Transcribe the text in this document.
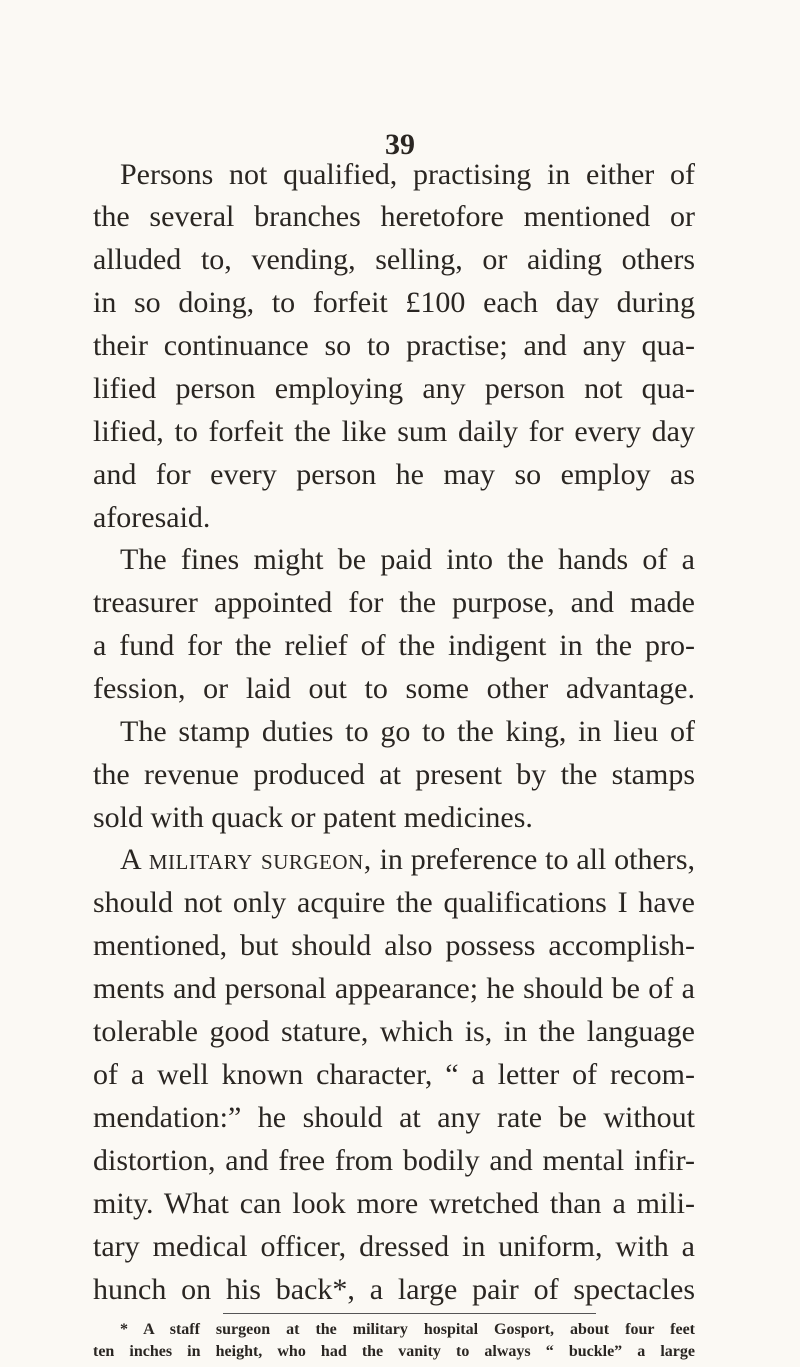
39
Persons not qualified, practising in either of
the several branches heretofore mentioned or
alluded to, vending, selling, or aiding others
in so doing, to forfeit £100 each day during
their continuance so to practise; and any qua-
lified person employing any person not qua-
lified, to forfeit the like sum daily for every day
and for every person he may so employ as
aforesaid.
The fines might be paid into the hands of a
treasurer appointed for the purpose, and made
a fund for the relief of the indigent in the pro-
fession, or laid out to some other advantage.
The stamp duties to go to the king, in lieu of
the revenue produced at present by the stamps
sold with quack or patent medicines.
A military surgeon, in preference to all others,
should not only acquire the qualifications I have
mentioned, but should also possess accomplish-
ments and personal appearance; he should be of a
tolerable good stature, which is, in the language
of a well known character, “ a letter of recom-
mendation:” he should at any rate be without
distortion, and free from bodily and mental infir-
mity. What can look more wretched than a mili-
tary medical officer, dressed in uniform, with a
hunch on his back*, a large pair of spectacles
* A staff surgeon at the military hospital Gosport, about four feet
ten inches in height, who had the vanity to always “ buckle” a large
